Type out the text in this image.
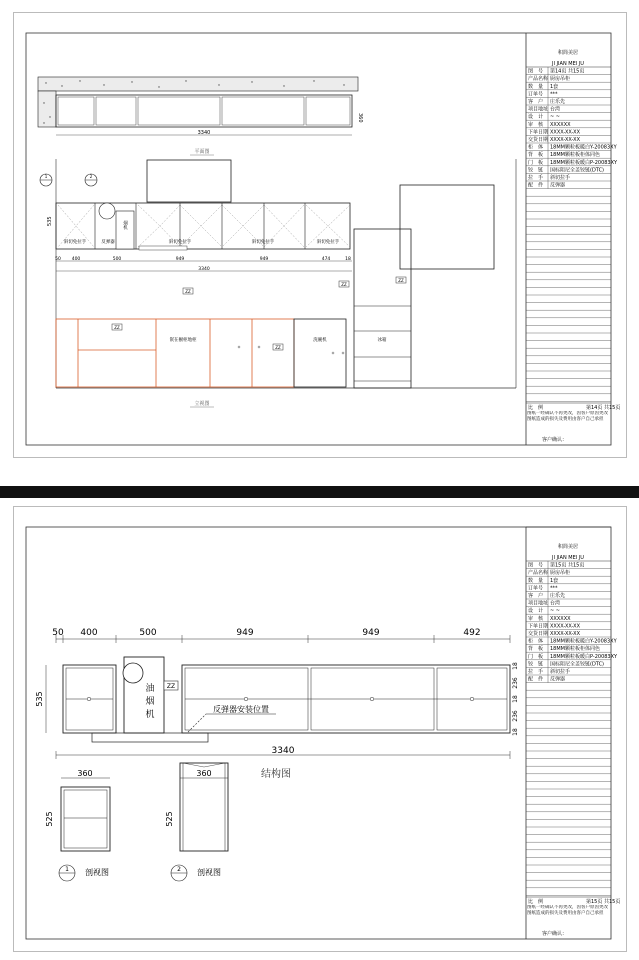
3340
360
平面图
1	2
烟机
斜切免拉手	反弹器	斜切免拉手	斜切免拉手	斜切免拉手
535
50 400	500	949	949	474	18
3340
ZZ
ZZ
ZZ
ZZ
嵌在橱柜地柜	洗碗机
ZZ
冰箱
立视图
积简美居
JI JIAN MEI JU
图　号 第14页 共15页
产品名称 厨房吊柜
数　量 1套
订单号 ***
客　户 庄乐先
项目地址 台湾
设　计 ~ ~
审　核 XXXXXX
下单日期 XXXX-XX-XX
交货日期 XXXX-XX-XX
柜　体 18MM颗粒板暖白Y-20083XY
背　板 18MM颗粒板柜体同色
门　板 18MM颗粒板暖白P-20083XY
铰　链 国标阻尼全盖铰链(DTC)
拉　手 斜切拉手
配　件 反弹器
比　例	第14页 共15页
图纸一经确认不再更改，因客户原因更改图纸造成的损失及费用由客户自己承担
客户确认：
50 400	500	949	949	492
535
油
烟
机
ZZ
反弹器安装位置
18
236
18
236
18
3340
结构图
360
525
360
525
1 剖视图	2 剖视图
积简美居
JI JIAN MEI JU
图　号 第15页 共15页
产品名称 厨房吊柜
数　量 1套
订单号 ***
客　户 庄乐先
项目地址 台湾
设　计 ~ ~
审　核 XXXXXX
下单日期 XXXX-XX-XX
交货日期 XXXX-XX-XX
柜　体 18MM颗粒板暖白Y-20083XY
背　板 18MM颗粒板柜体同色
门　板 18MM颗粒板暖白P-20083XY
铰　链 国标阻尼全盖铰链(DTC)
拉　手 斜切拉手
配　件 反弹器
比　例	第15页 共15页
图纸一经确认不再更改，因客户原因更改图纸造成的损失及费用由客户自己承担
客户确认：
